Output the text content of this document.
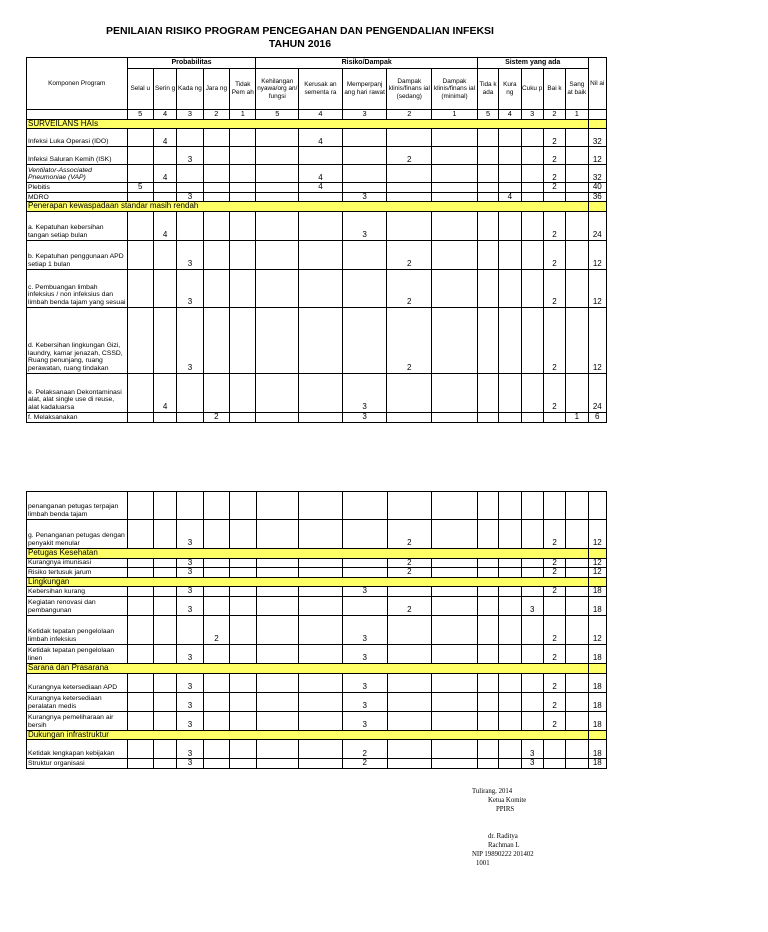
PENILAIAN RISIKO PROGRAM PENCEGAHAN DAN PENGENDALIAN INFEKSI
TAHUN 2016
Komponen Program	Probabilitas					Risiko/Dampak					Sistem yang ada					Nil ai
	Selal u	Serin g	Kada ng	Jara ng	Tidak Pem ah	Kehilangan nyawa/org an/ fungsi	Kerusak an sementa ra	Memperpanj ang hari rawat	Dampak klinis/finans ial (sedang)	Dampak klinis/finans ial (minimal)	Tida k ada	Kura ng	Cuku p	Bai k	Sang at baik	
	5	4	3	2	1	5	4	3	2	1	5	4	3	2	1	
SURVEILANS HAIs																
Infeksi Luka Operasi (IDO)		4					4							2		32
Infeksi Saluran Kemih (ISK)			3						2					2		12
Ventilator-Associated Pneumoniae (VAP)		4					4							2		32
Plebitis	5						4							2		40
MDRO			3					3				4				36
Penerapan kewaspadaan standar masih rendah																
a. Kepatuhan kebersihan tangan setiap bulan		4						3						2		24
b. Kepatuhan penggunaan APD setiap 1 bulan			3						2					2		12
c. Pembuangan limbah infeksius / non infeksius dan limbah benda tajam yang sesuai			3						2					2		12
d. Kebersihan lingkungan Gizi, laundry, kamar jenazah, CSSD, Ruang penunjang, ruang perawatan, ruang tindakan			3						2					2		12
e. Pelaksanaan Dekontaminasi alat, alat single use di reuse, alat kadaluarsa		4						3						2		24
f. Melaksanakan				2				3							1	6
penanganan petugas terpajan limbah benda tajam																
g. Penanganan petugas dengan penyakit menular			3						2					2		12
Petugas Kesehatan																
Kurangnya imunisasi			3						2					2		12
Risiko tertusuk jarum			3						2					2		12
Lingkungan																
Kebersihan kurang			3					3						2		18
Kegiatan renovasi dan pembangunan			3						2				3			18
Ketidak tepatan pengelolaan limbah infeksius				2				3						2		12
Ketidak tepatan pengelolaan linen			3					3						2		18
Sarana dan Prasarana																
Kurangnya ketersediaan APD			3					3						2		18
Kurangnya ketersediaan peralatan medis			3					3						2		18
Kurangnya pemeliharaan air bersih			3					3						2		18
Dukungan infrastruktur																
Ketidak lengkapan kebijakan			3					2					3			18
Struktur organisasi			3					2					3			18
Tulirang, 2014
Ketua Komite
PPIRS
dr. Raditya
Rachman L
NIP 19890222 201402
1001
